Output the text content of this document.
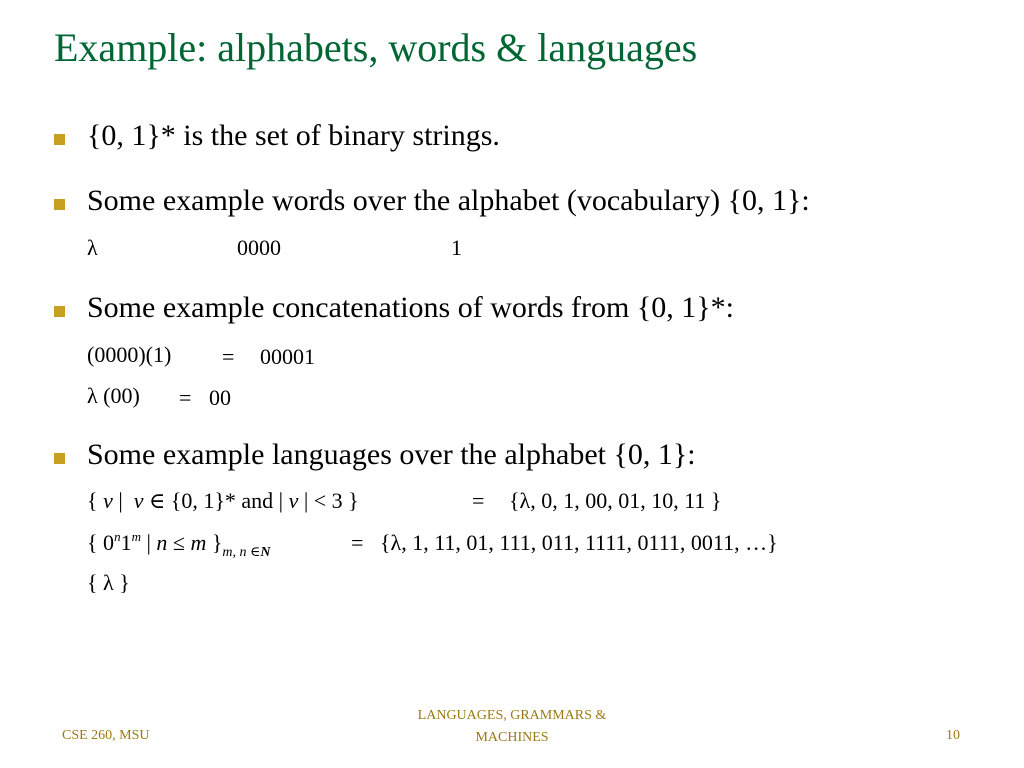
Example: alphabets, words & languages
{0, 1}* is the set of binary strings.
Some example words over the alphabet (vocabulary) {0, 1}:
λ	0000	1
Some example concatenations of words from {0, 1}*:
(0000)(1) = 00001
λ (00) = 00
Some example languages over the alphabet {0, 1}:
{ v | v ∈ {0, 1}* and | v | < 3 }	= {λ, 0, 1, 00, 01, 10, 11 }
{ 0$^n$1$^m$ | n ≤ m }$_{m, n \in N}$	= {λ, 1, 11, 01, 111, 011, 1111, 0111, 0011, …}
{ λ }
CSE 260, MSU
LANGUAGES, GRAMMARS &
MACHINES	10
